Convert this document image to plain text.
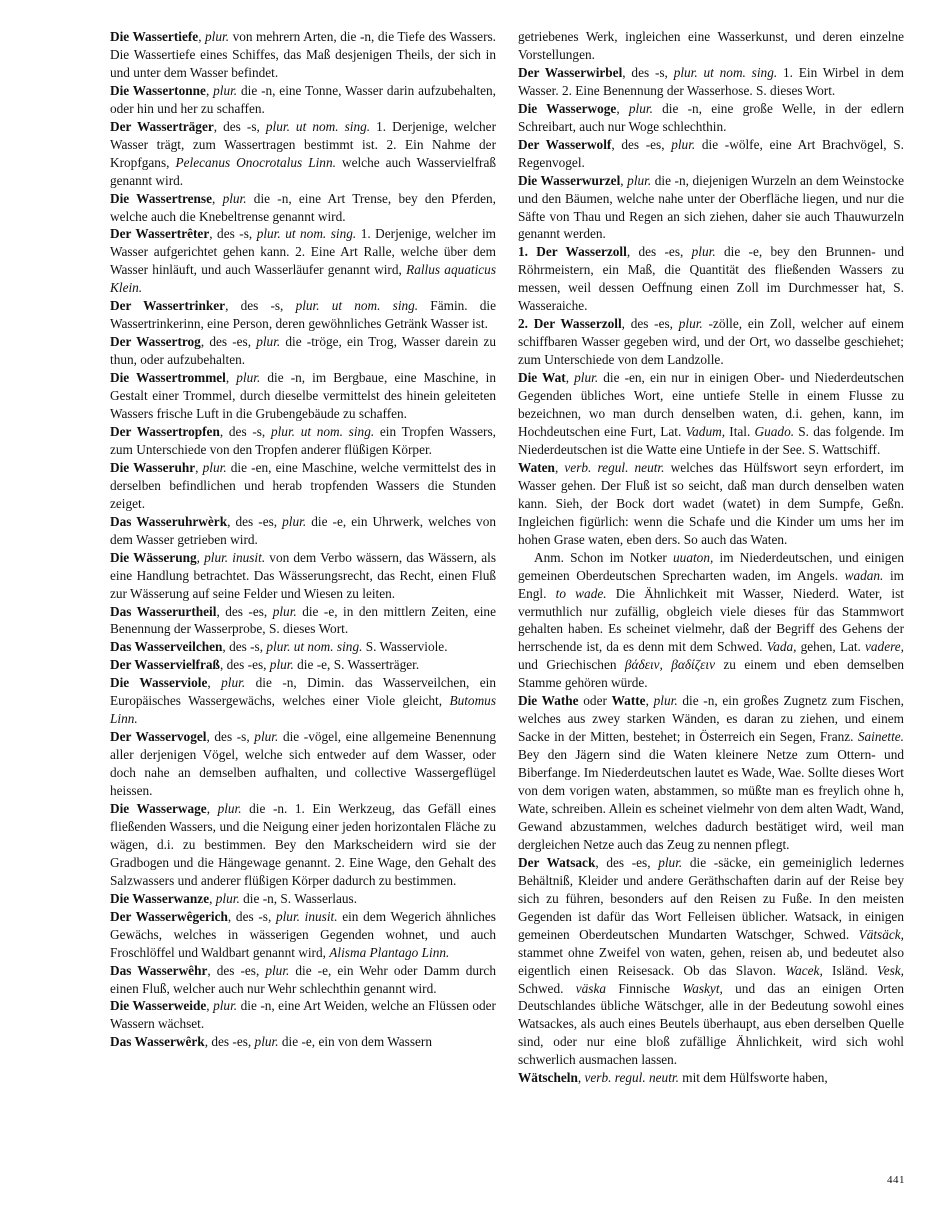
Die Wassertiefe, plur. von mehrern Arten, die -n, die Tiefe des Wassers. Die Wassertiefe eines Schiffes, das Maß desjenigen Theils, der sich in und unter dem Wasser befindet.

Die Wassertonne, plur. die -n, eine Tonne, Wasser darin aufzubehalten, oder hin und her zu schaffen.

Der Wasserträger, des -s, plur. ut nom. sing. 1. Derjenige, welcher Wasser trägt, zum Wassertragen bestimmt ist. 2. Ein Nahme der Kropfgans, Pelecanus Onocrotalus Linn. welche auch Wasservielfraß genannt wird.

Die Wassertrense, plur. die -n, eine Art Trense, bey den Pferden, welche auch die Knebeltrense genannt wird.

Der Wassertrêter, des -s, plur. ut nom. sing. 1. Derjenige, welcher im Wasser aufgerichtet gehen kann. 2. Eine Art Ralle, welche über dem Wasser hinläuft, und auch Wasserläufer genannt wird, Rallus aquaticus Klein.

Der Wassertrinker, des -s, plur. ut nom. sing. Fämin. die Wassertrinkerinn, eine Person, deren gewöhnliches Getränk Wasser ist.

Der Wassertrog, des -es, plur. die -tröge, ein Trog, Wasser darein zu thun, oder aufzubehalten.

Die Wassertrommel, plur. die -n, im Bergbaue, eine Maschine, in Gestalt einer Trommel, durch dieselbe vermittelst des hinein geleiteten Wassers frische Luft in die Grubengebäude zu schaffen.

Der Wassertropfen, des -s, plur. ut nom. sing. ein Tropfen Wassers, zum Unterschiede von den Tropfen anderer flüßigen Körper.

Die Wasseruhr, plur. die -en, eine Maschine, welche vermittelst des in derselben befindlichen und herab tropfenden Wassers die Stunden zeiget.

Das Wasseruhrwèrk, des -es, plur. die -e, ein Uhrwerk, welches von dem Wasser getrieben wird.

Die Wässerung, plur. inusit. von dem Verbo wässern, das Wässern, als eine Handlung betrachtet. Das Wässerungsrecht, das Recht, einen Fluß zur Wässerung auf seine Felder und Wiesen zu leiten.

Das Wasserurtheil, des -es, plur. die -e, in den mittlern Zeiten, eine Benennung der Wasserprobe, S. dieses Wort.

Das Wasserveilchen, des -s, plur. ut nom. sing. S. Wasserviole.

Der Wasservielfraß, des -es, plur. die -e, S. Wasserträger.

Die Wasserviole, plur. die -n, Dimin. das Wasserveilchen, ein Europäisches Wassergewächs, welches einer Viole gleicht, Butomus Linn.

Der Wasservogel, des -s, plur. die -vögel, eine allgemeine Benennung aller derjenigen Vögel, welche sich entweder auf dem Wasser, oder doch nahe an demselben aufhalten, und collective Wassergeflügel heissen.

Die Wasserwage, plur. die -n. 1. Ein Werkzeug, das Gefäll eines fließenden Wassers, und die Neigung einer jeden horizontalen Fläche zu wägen, d.i. zu bestimmen. Bey den Markscheidern wird sie der Gradbogen und die Hängewage genannt. 2. Eine Wage, den Gehalt des Salzwassers und anderer flüßigen Körper dadurch zu bestimmen.

Die Wasserwanze, plur. die -n, S. Wasserlaus.

Der Wasserwêgerich, des -s, plur. inusit. ein dem Wegerich ähnliches Gewächs, welches in wässerigen Gegenden wohnet, und auch Froschlöffel und Waldbart genannt wird, Alisma Plantago Linn.

Das Wasserwêhr, des -es, plur. die -e, ein Wehr oder Damm durch einen Fluß, welcher auch nur Wehr schlechthin genannt wird.

Die Wasserweide, plur. die -n, eine Art Weiden, welche an Flüssen oder Wassern wächset.

Das Wasserwêrk, des -es, plur. die -e, ein von dem Wassern

getriebenes Werk, ingleichen eine Wasserkunst, und deren einzelne Vorstellungen.

Der Wasserwirbel, des -s, plur. ut nom. sing. 1. Ein Wirbel in dem Wasser. 2. Eine Benennung der Wasserhose. S. dieses Wort.

Die Wasserwoge, plur. die -n, eine große Welle, in der edlern Schreibart, auch nur Woge schlechthin.

Der Wasserwolf, des -es, plur. die -wölfe, eine Art Brachvögel, S. Regenvogel.

Die Wasserwurzel, plur. die -n, diejenigen Wurzeln an dem Weinstocke und den Bäumen, welche nahe unter der Oberfläche liegen, und nur die Säfte von Thau und Regen an sich ziehen, daher sie auch Thauwurzeln genannt werden.

1. Der Wasserzoll, des -es, plur. die -e, bey den Brunnen- und Röhrmeistern, ein Maß, die Quantität des fließenden Wassers zu messen, weil dessen Oeffnung einen Zoll im Durchmesser hat, S. Wasseraiche.

2. Der Wasserzoll, des -es, plur. -zölle, ein Zoll, welcher auf einem schiffbaren Wasser gegeben wird, und der Ort, wo dasselbe geschiehet; zum Unterschiede von dem Landzolle.

Die Wat, plur. die -en, ein nur in einigen Ober- und Niederdeutschen Gegenden übliches Wort, eine untiefe Stelle in einem Flusse zu bezeichnen, wo man durch denselben waten, d.i. gehen, kann, im Hochdeutschen eine Furt, Lat. Vadum, Ital. Guado. S. das folgende. Im Niederdeutschen ist die Watte eine Untiefe in der See. S. Wattschiff.

Waten, verb. regul. neutr. welches das Hülfswort seyn erfordert, im Wasser gehen. Der Fluß ist so seicht, daß man durch denselben waten kann. Sieh, der Bock dort wadet (watet) in dem Sumpfe, Geßn. Ingleichen figürlich: wenn die Schafe und die Kinder um ums her im hohen Grase waten, eben ders. So auch das Waten.

Anm. Schon im Notker uuaton, im Niederdeutschen, und einigen gemeinen Oberdeutschen Sprecharten waden, im Angels. wadan. im Engl. to wade. Die Ähnlichkeit mit Wasser, Niederd. Water, ist vermuthlich nur zufällig, obgleich viele dieses für das Stammwort gehalten haben. Es scheinet vielmehr, daß der Begriff des Gehens der herrschende ist, da es denn mit dem Schwed. Vada, gehen, Lat. vadere, und Griechischen βάδειν, βαδίζειν zu einem und eben demselben Stamme gehören würde.

Die Wathe oder Watte, plur. die -n, ein großes Zugnetz zum Fischen, welches aus zwey starken Wänden, es daran zu ziehen, und einem Sacke in der Mitten, bestehet; in Österreich ein Segen, Franz. Sainette. Bey den Jägern sind die Waten kleinere Netze zum Ottern- und Biberfange. Im Niederdeutschen lautet es Wade, Wae. Sollte dieses Wort von dem vorigen waten, abstammen, so müßte man es freylich ohne h, Wate, schreiben. Allein es scheinet vielmehr von dem alten Wadt, Wand, Gewand abzustammen, welches dadurch bestätiget wird, weil man dergleichen Netze auch das Zeug zu nennen pflegt.

Der Watsack, des -es, plur. die -säcke, ein gemeiniglich ledernes Behältniß, Kleider und andere Geräthschaften darin auf der Reise bey sich zu führen, besonders auf den Reisen zu Fuße. In den meisten Gegenden ist dafür das Wort Felleisen üblicher. Watsack, in einigen gemeinen Oberdeutschen Mundarten Watschger, Schwed. Vätsäck, stammet ohne Zweifel von waten, gehen, reisen ab, und bedeutet also eigentlich einen Reisesack. Ob das Slavon. Wacek, Isländ. Vesk, Schwed. väska Finnische Waskyt, und das an einigen Orten Deutschlandes übliche Wätschger, alle in der Bedeutung sowohl eines Watsackes, als auch eines Beutels überhaupt, aus eben derselben Quelle sind, oder nur eine bloß zufällige Ähnlichkeit, wird sich wohl schwerlich ausmachen lassen.

Wätscheln, verb. regul. neutr. mit dem Hülfsworte haben,

441
